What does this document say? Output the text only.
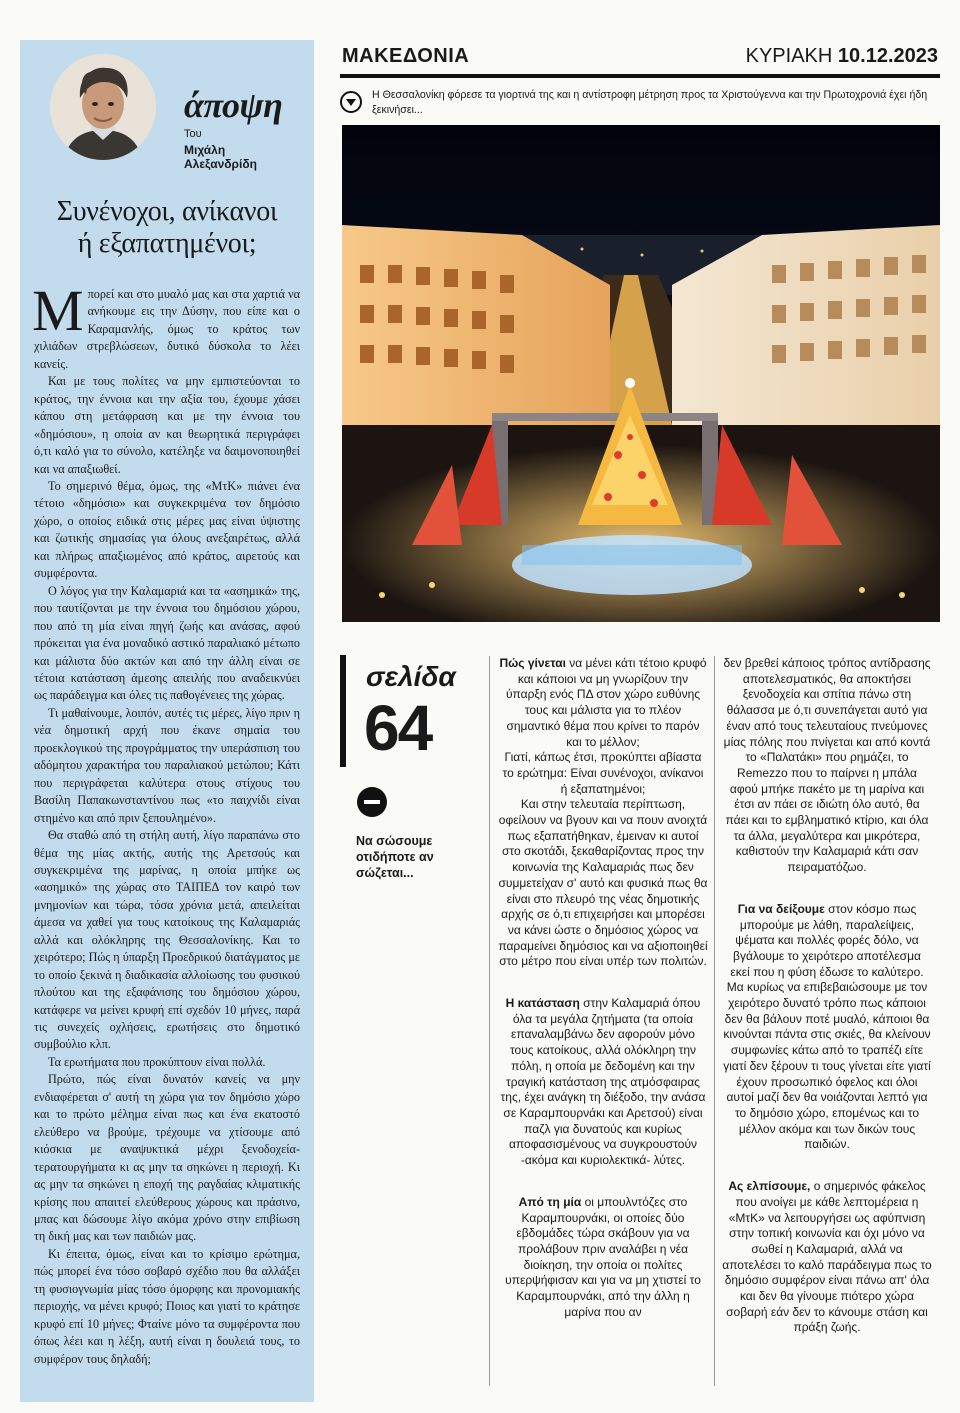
άποψη
Του
Μιχάλη Αλεξανδρίδη
Συνένοχοι, ανίκανοι
ή εξαπατημένοι;

Μπορεί και στο μυαλό μας και στα χαρτιά να ανήκουμε εις την Δύσην, που είπε και ο Καραμανλής, όμως το κράτος των χιλιάδων στρεβλώσεων, δυτικό δύσκολα το λέει κανείς.

Και με τους πολίτες να μην εμπιστεύονται το κράτος, την έννοια και την αξία του, έχουμε χάσει κάπου στη μετάφραση και με την έννοια του «δημόσιου», η οποία αν και θεωρητικά περιγράφει ό,τι καλό για το σύνολο, κατέληξε να δαιμονοποιηθεί και να απαξιωθεί.

Το σημερινό θέμα, όμως, της «ΜτΚ» πιάνει ένα τέτοιο «δημόσιο» και συγκεκριμένα τον δημόσιο χώρο, ο οποίος ειδικά στις μέρες μας είναι ύψιστης και ζωτικής σημασίας για όλους ανεξαιρέτως, αλλά και πλήρως απαξιωμένος από κράτος, αιρετούς και συμφέροντα.

Ο λόγος για την Καλαμαριά και τα «ασημικά» της, που ταυτίζονται με την έννοια του δημόσιου χώρου, που από τη μία είναι πηγή ζωής και ανάσας, αφού πρόκειται για ένα μοναδικό αστικό παραλιακό μέτωπο και μάλιστα δύο ακτών και από την άλλη είναι σε τέτοια κατάσταση άμεσης απειλής που αναδεικνύει ως παράδειγμα και όλες τις παθογένειες της χώρας.

Τι μαθαίνουμε, λοιπόν, αυτές τις μέρες, λίγο πριν η νέα δημοτική αρχή που έκανε σημαία του προεκλογικού της προγράμματος την υπεράσπιση του αδόμητου χαρακτήρα του παραλιακού μετώπου; Κάτι που περιγράφεται καλύτερα στους στίχους του Βασίλη Παπακωνσταντίνου πως «το παιχνίδι είναι στημένο και από πριν ξεπουλημένο».

Θα σταθώ από τη στήλη αυτή, λίγο παραπάνω στο θέμα της μίας ακτής, αυτής της Αρετσούς και συγκεκριμένα της μαρίνας, η οποία μπήκε ως «ασημικό» της χώρας στο ΤΑΙΠΕΔ τον καιρό των μνημονίων και τώρα, τόσα χρόνια μετά, απειλείται άμεσα να χαθεί για τους κατοίκους της Καλαμαριάς αλλά και ολόκληρης της Θεσσαλονίκης. Και το χειρότερο; Πώς η ύπαρξη Προεδρικού διατάγματος με το οποίο ξεκινά η διαδικασία αλλοίωσης του φυσικού πλούτου και της εξαφάνισης του δημόσιου χώρου, κατάφερε να μείνει κρυφή επί σχεδόν 10 μήνες, παρά τις συνεχείς οχλήσεις, ερωτήσεις στο δημοτικό συμβούλιο κλπ.

Τα ερωτήματα που προκύπτουν είναι πολλά.

Πρώτο, πώς είναι δυνατόν κανείς να μην ενδιαφέρεται σ' αυτή τη χώρα για τον δημόσιο χώρο και το πρώτο μέλημα είναι πως και ένα εκατοστό ελεύθερο να βρούμε, τρέχουμε να χτίσουμε από κιόσκια με αναψυκτικά μέχρι ξενοδοχεία-τερατουργήματα κι ας μην τα σηκώνει η περιοχή. Κι ας μην τα σηκώνει η εποχή της ραγδαίας κλιματικής κρίσης που απαιτεί ελεύθερους χώρους και πράσινο, μπας και δώσουμε λίγο ακόμα χρόνο στην επιβίωση τη δική μας και των παιδιών μας.

Κι έπειτα, όμως, είναι και το κρίσιμο ερώτημα, πώς μπορεί ένα τόσο σοβαρό σχέδιο που θα αλλάξει τη φυσιογνωμία μίας τόσο όμορφης και προνομιακής περιοχής, να μένει κρυφό; Ποιος και γιατί το κράτησε κρυφό επί 10 μήνες; Φταίνε μόνο τα συμφέροντα που όπως λέει και η λέξη, αυτή είναι η δουλειά τους, το συμφέρον τους δηλαδή;

ΜΑΚΕΔΟΝΙΑ	ΚΥΡΙΑΚΗ 10.12.2023
Η Θεσσαλονίκη φόρεσε τα γιορτινά της και η αντίστροφη μέτρηση προς τα Χριστούγεννα και την Πρωτοχρονιά έχει ήδη ξεκινήσει...
σελίδα
64
Να σώσουμε οτιδήποτε αν σώζεται...

Πώς γίνεται να μένει κάτι τέτοιο κρυφό και κάποιοι να μη γνωρίζουν την ύπαρξη ενός ΠΔ στον χώρο ευθύνης τους και μάλιστα για το πλέον σημαντικό θέμα που κρίνει το παρόν και το μέλλον;

Γιατί, κάπως έτσι, προκύπτει αβίαστα το ερώτημα: Είναι συνένοχοι, ανίκανοι ή εξαπατημένοι;

Και στην τελευταία περίπτωση, οφείλουν να βγουν και να πουν ανοιχτά πως εξαπατήθηκαν, έμειναν κι αυτοί στο σκοτάδι, ξεκαθαρίζοντας προς την κοινωνία της Καλαμαριάς πως δεν συμμετείχαν σ' αυτό και φυσικά πως θα είναι στο πλευρό της νέας δημοτικής αρχής σε ό,τι επιχειρήσει και μπορέσει να κάνει ώστε ο δημόσιος χώρος να παραμείνει δημόσιος και να αξιοποιηθεί στο μέτρο που είναι υπέρ των πολιτών.

Η κατάσταση στην Καλαμαριά όπου όλα τα μεγάλα ζητήματα (τα οποία επαναλαμβάνω δεν αφορούν μόνο τους κατοίκους, αλλά ολόκληρη την πόλη, η οποία με δεδομένη και την τραγική κατάσταση της ατμόσφαιρας της, έχει ανάγκη τη διέξοδο, την ανάσα σε Καραμπουρνάκι και Αρετσού) είναι παζλ για δυνατούς και κυρίως αποφασισμένους να συγκρουστούν -ακόμα και κυριολεκτικά- λύτες.

Από τη μία οι μπουλντόζες στο Καραμπουρνάκι, οι οποίες δύο εβδομάδες τώρα σκάβουν για να προλάβουν πριν αναλάβει η νέα διοίκηση, την οποία οι πολίτες υπερψήφισαν και για να μη χτιστεί το Καραμπουρνάκι, από την άλλη η μαρίνα που αν

δεν βρεθεί κάποιος τρόπος αντίδρασης αποτελεσματικός, θα αποκτήσει ξενοδοχεία και σπίτια πάνω στη θάλασσα με ό,τι συνεπάγεται αυτό για έναν από τους τελευταίους πνεύμονες μίας πόλης που πνίγεται και από κοντά το «Παλατάκι» που ρημάζει, το Remezzo που το παίρνει η μπάλα αφού μπήκε πακέτο με τη μαρίνα και έτσι αν πάει σε ιδιώτη όλο αυτό, θα πάει και το εμβληματικό κτίριο, και όλα τα άλλα, μεγαλύτερα και μικρότερα, καθιστούν την Καλαμαριά κάτι σαν πειραματόζωο.

Για να δείξουμε στον κόσμο πως μπορούμε με λάθη, παραλείψεις, ψέματα και πολλές φορές δόλο, να βγάλουμε το χειρότερο αποτέλεσμα εκεί που η φύση έδωσε το καλύτερο.

Μα κυρίως να επιβεβαιώσουμε με τον χειρότερο δυνατό τρόπο πως κάποιοι δεν θα βάλουν ποτέ μυαλό, κάποιοι θα κινούνται πάντα στις σκιές, θα κλείνουν συμφωνίες κάτω από το τραπέζι είτε γιατί δεν ξέρουν τι τους γίνεται είτε γιατί έχουν προσωπικό όφελος και όλοι αυτοί μαζί δεν θα νοιάζονται λεπτό για το δημόσιο χώρο, επομένως και το μέλλον ακόμα και των δικών τους παιδιών.

Ας ελπίσουμε, ο σημερινός φάκελος που ανοίγει με κάθε λεπτομέρεια η «ΜτΚ» να λειτουργήσει ως αφύπνιση στην τοπική κοινωνία και όχι μόνο να σωθεί η Καλαμαριά, αλλά να αποτελέσει το καλό παράδειγμα πως το δημόσιο συμφέρον είναι πάνω απ' όλα και δεν θα γίνουμε πιότερο χώρα σοβαρή εάν δεν το κάνουμε στάση και πράξη ζωής.
